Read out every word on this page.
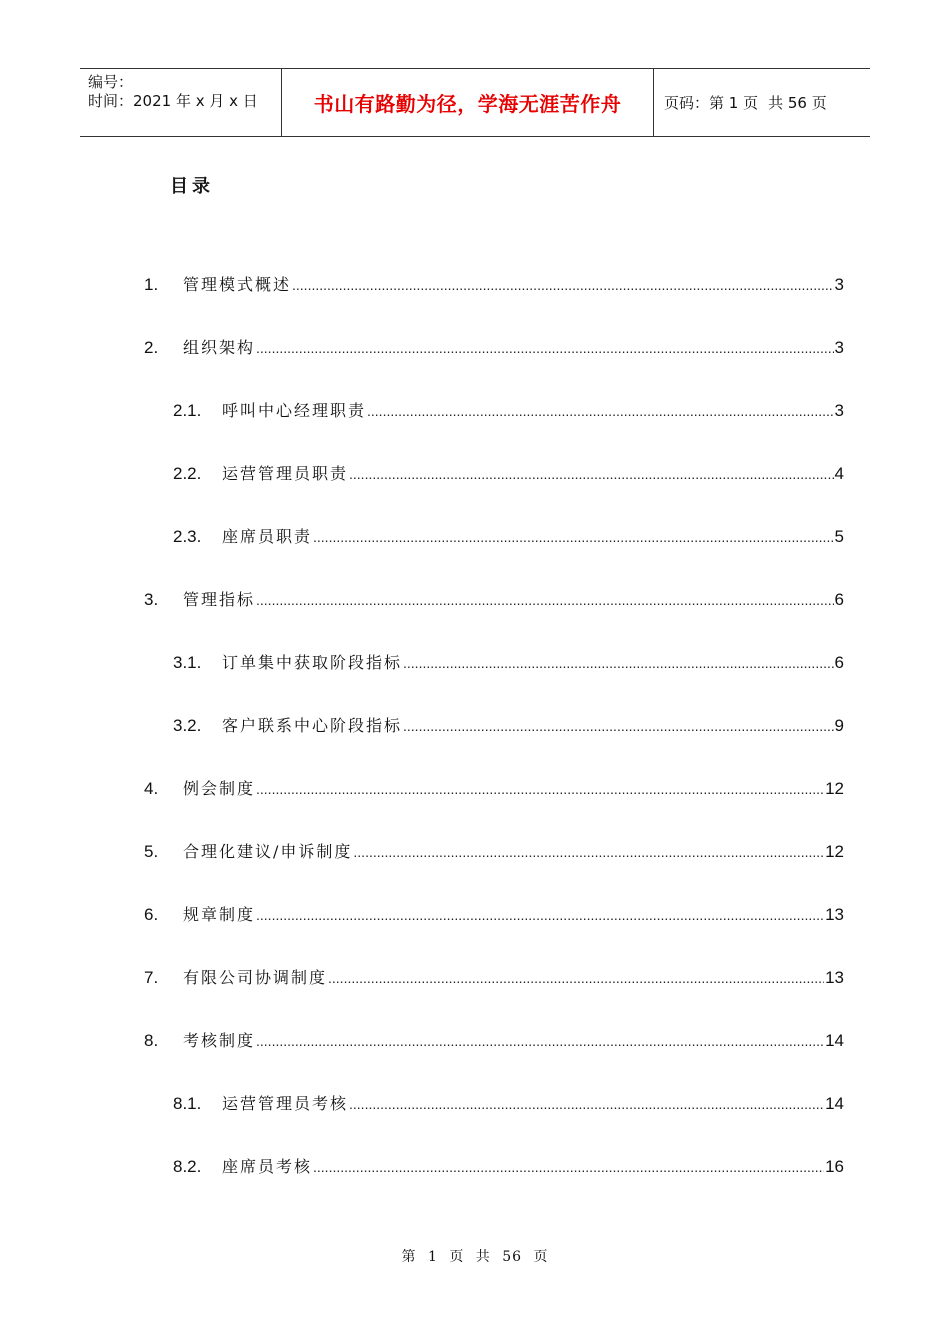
编号：
时间：2021 年 x 月 x 日	书山有路勤为径，学海无涯苦作舟	页码：第 1 页 共 56 页
目录
1.	管理模式概述 .....	3
2.	组织架构 .....	3
2.1.	呼叫中心经理职责 .....	3
2.2.	运营管理员职责 .....	4
2.3.	座席员职责 .....	5
3.	管理指标 .....	6
3.1.	订单集中获取阶段指标 .....	6
3.2.	客户联系中心阶段指标 .....	9
4.	例会制度 .....	12
5.	合理化建议/申诉制度 .....	12
6.	规章制度 .....	13
7.	有限公司协调制度 .....	13
8.	考核制度 .....	14
8.1.	运营管理员考核 .....	14
8.2.	座席员考核 .....	16
第 1 页 共 56 页
